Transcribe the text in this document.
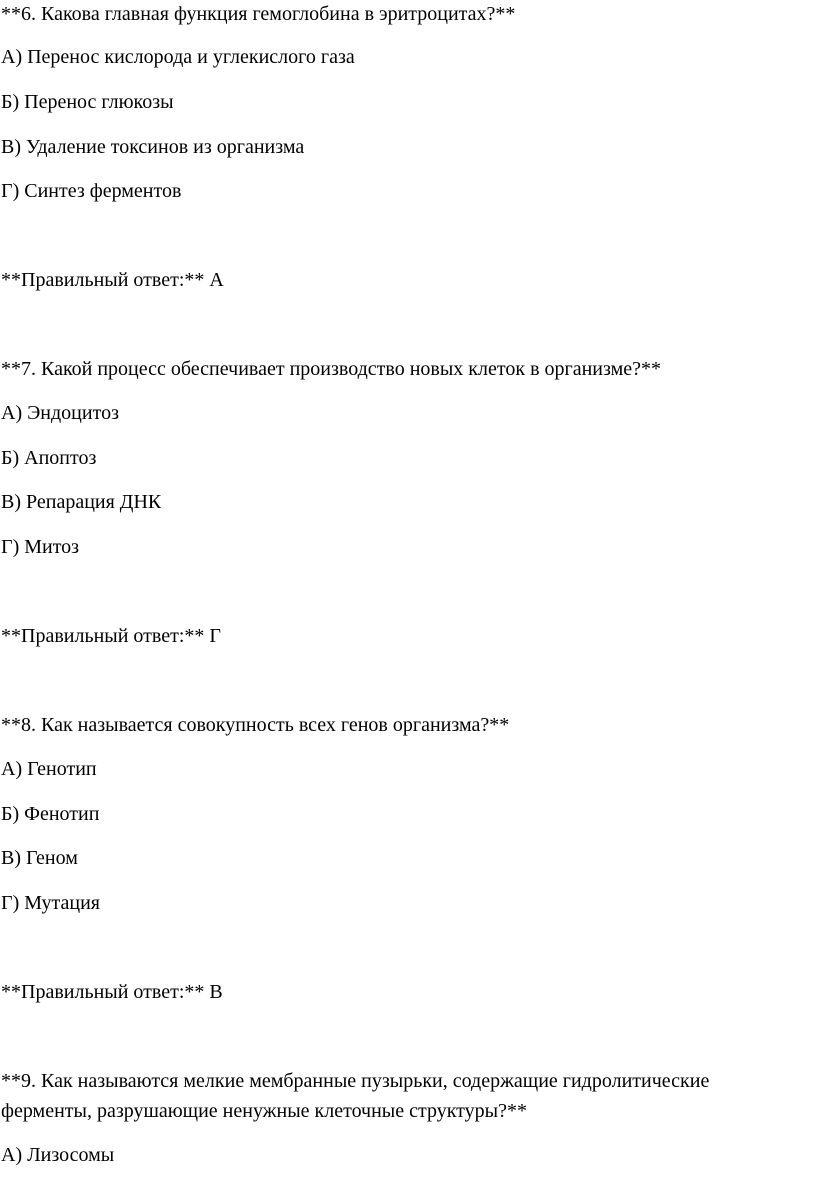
**6. Какова главная функция гемоглобина в эритроцитах?**
А) Перенос кислорода и углекислого газа
Б) Перенос глюкозы
В) Удаление токсинов из организма
Г) Синтез ферментов
**Правильный ответ:** А
**7. Какой процесс обеспечивает производство новых клеток в организме?**
А) Эндоцитоз
Б) Апоптоз
В) Репарация ДНК
Г) Митоз
**Правильный ответ:** Г
**8. Как называется совокупность всех генов организма?**
А) Генотип
Б) Фенотип
В) Геном
Г) Мутация
**Правильный ответ:** В
**9. Как называются мелкие мембранные пузырьки, содержащие гидролитические
ферменты, разрушающие ненужные клеточные структуры?**
А) Лизосомы
